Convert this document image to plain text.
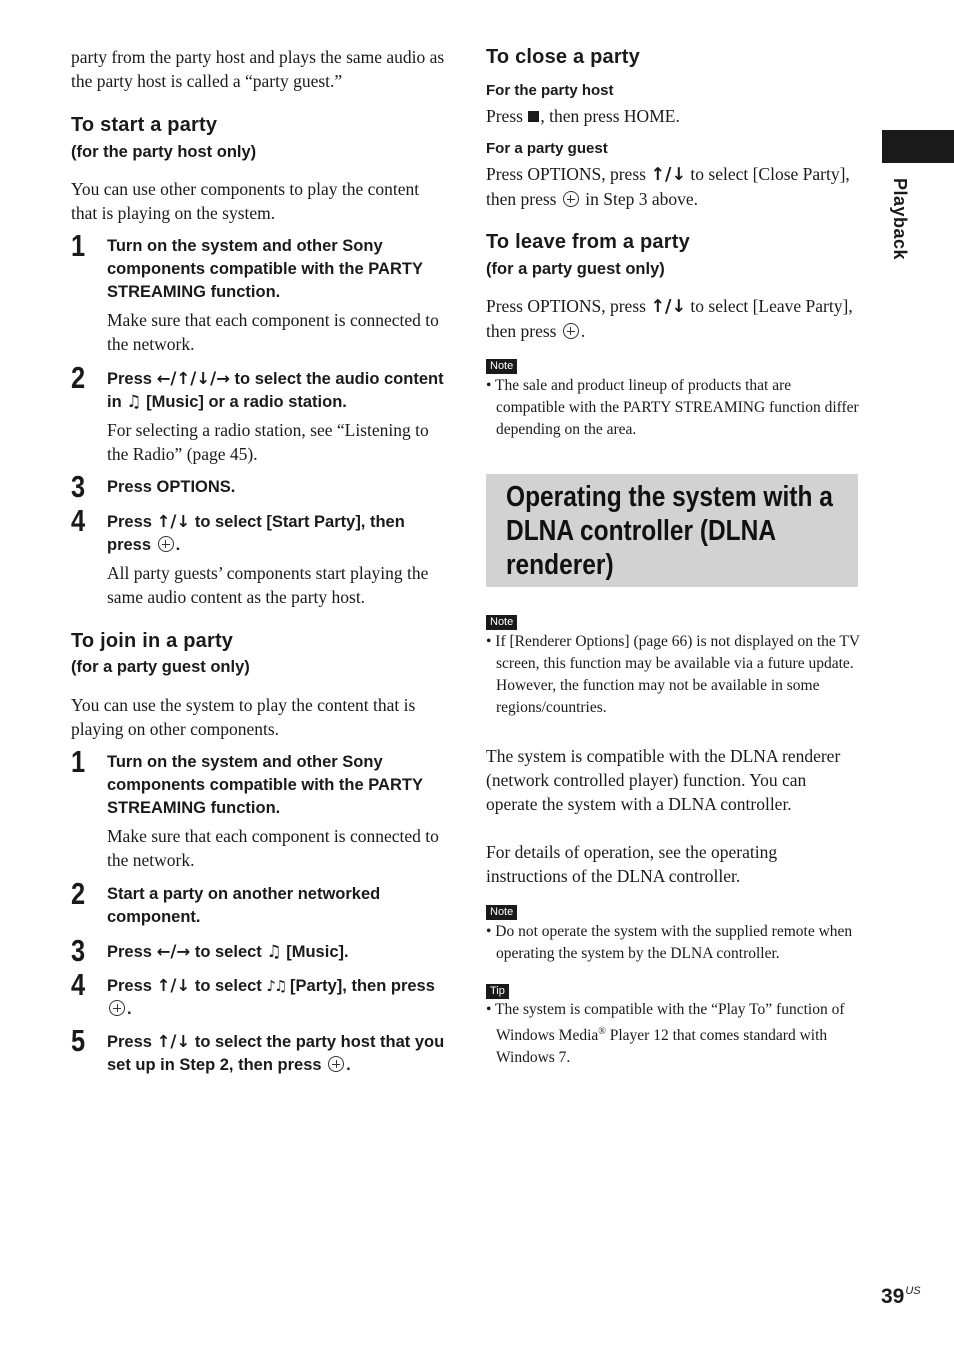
party from the party host and plays the same audio as the party host is called a “party guest.”

To start a party
(for the party host only)

You can use other components to play the content that is playing on the system.

1 Turn on the system and other Sony components compatible with the PARTY STREAMING function.
Make sure that each component is connected to the network.
2 Press ←/↑/↓/→ to select the audio content in ♫ [Music] or a radio station.
For selecting a radio station, see “Listening to the Radio” (page 45).
3 Press OPTIONS.
4 Press ↑/↓ to select [Start Party], then press .
All party guests’ components start playing the same audio content as the party host.
To join in a party
(for a party guest only)

You can use the system to play the content that is playing on other components.

1 Turn on the system and other Sony components compatible with the PARTY STREAMING function.
Make sure that each component is connected to the network.
2 Start a party on another networked component.
3 Press ←/→ to select ♫ [Music].
4 Press ↑/↓ to select ♪♫ [Party], then press .
5 Press ↑/↓ to select the party host that you set up in Step 2, then press .
To close a party
For the party host

Press , then press HOME.

For a party guest

Press OPTIONS, press ↑/↓ to select [Close Party], then press in Step 3 above.

To leave from a party
(for a party guest only)

Press OPTIONS, press ↑/↓ to select [Leave Party], then press .

Note

• The sale and product lineup of products that are compatible with the PARTY STREAMING function differ depending on the area.

Note

• If [Renderer Options] (page 66) is not displayed on the TV screen, this function may be available via a future update. However, the function may not be available in some regions/countries.

The system is compatible with the DLNA renderer (network controlled player) function. You can operate the system with a DLNA controller.

For details of operation, see the operating instructions of the DLNA controller.

Note

• Do not operate the system with the supplied remote when operating the system by the DLNA controller.

Tip

• The system is compatible with the “Play To” function of Windows Media® Player 12 that comes standard with Windows 7.

Operating the system with a DLNA controller (DLNA renderer)
Playback
$39^{US}$
